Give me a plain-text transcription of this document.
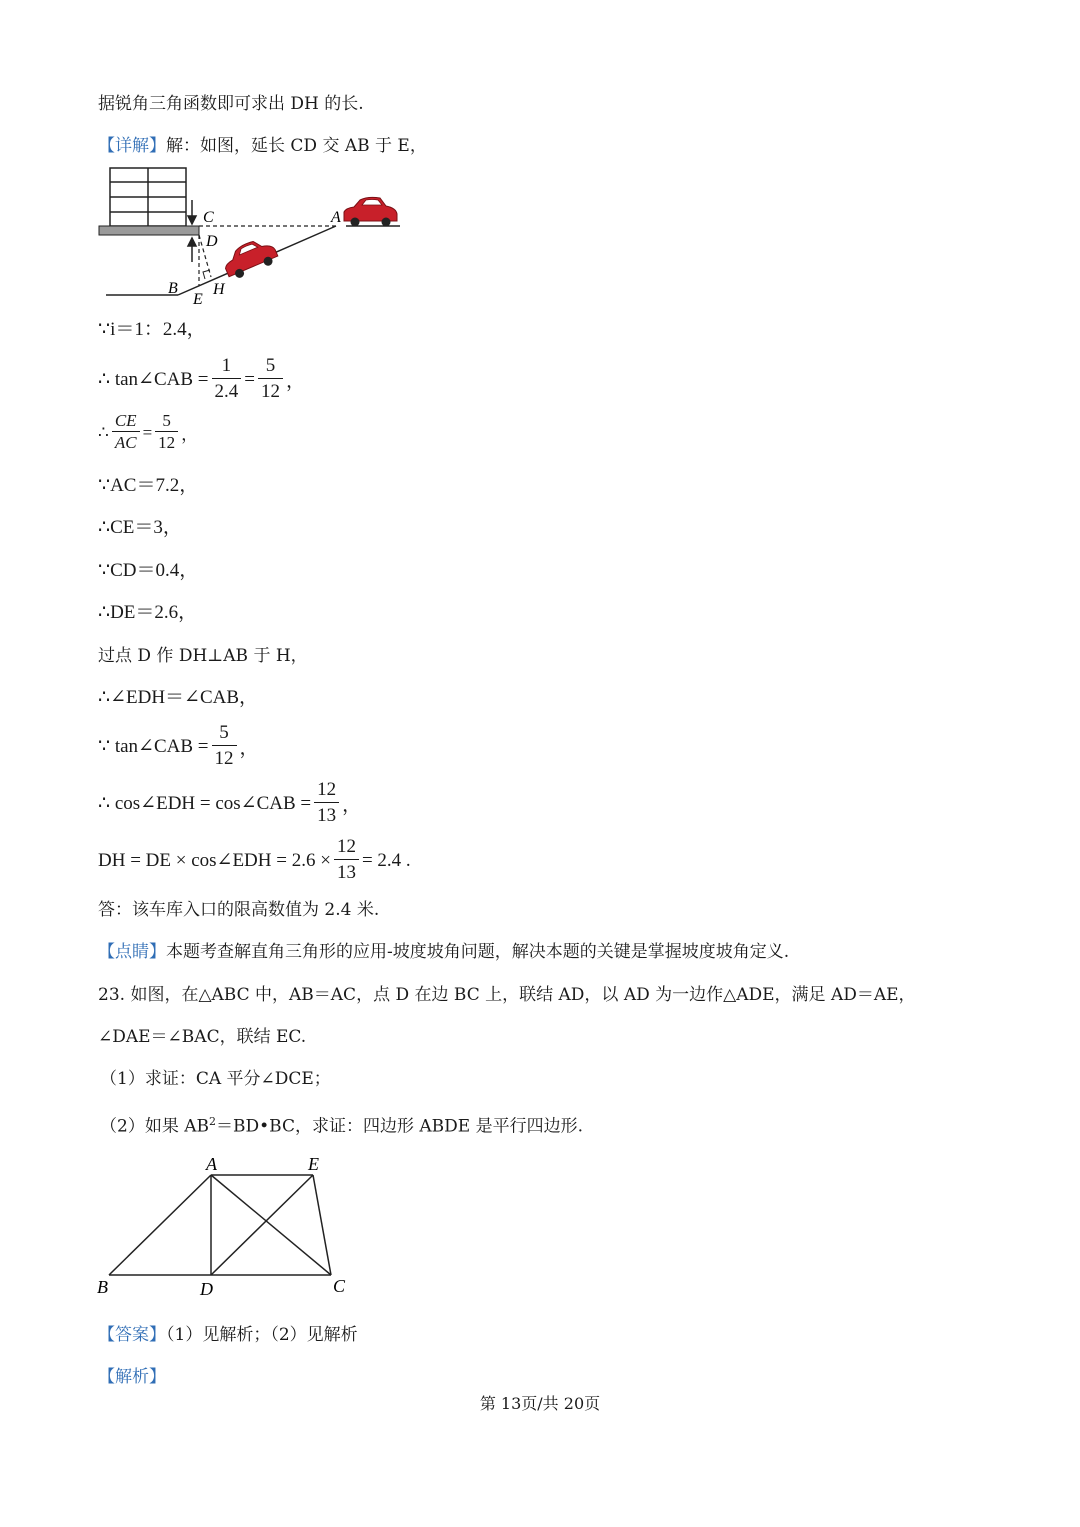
据锐角三角函数即可求出 DH 的长.
【详解】解：如图，延长 CD 交 AB 于 E，
C
D
A
B
E
H
∵i＝1：2.4，
∴ tan∠CAB = $\frac{1}{2.4} = \frac{5}{12}$ ，
∴ $\frac{CE}{AC} = \frac{5}{12}$ ，
∵AC＝7.2，
∴CE＝3，
∵CD＝0.4，
∴DE＝2.6，
过点 D 作 DH⊥AB 于 H，
∴∠EDH＝∠CAB，
∵ tan∠CAB = $\frac{5}{12}$ ，
∴ cos∠EDH = cos∠CAB = $\frac{12}{13}$ ，
DH = DE × cos∠EDH = $2.6 \times \frac{12}{13} = 2.4$ .
答：该车库入口的限高数值为 2.4 米.
【点睛】本题考查解直角三角形的应用-坡度坡角问题，解决本题的关键是掌握坡度坡角定义.
23. 如图，在△ABC 中，AB＝AC，点 D 在边 BC 上，联结 AD，以 AD 为一边作△ADE，满足 AD＝AE，
∠DAE＝∠BAC，联结 EC.
（1）求证：CA 平分∠DCE；
（2）如果 $AB^2=BD•BC$，求证：四边形 ABDE 是平行四边形.
A	E
B	D	C
【答案】（1）见解析；（2）见解析
【解析】
第 13页/共 20页
